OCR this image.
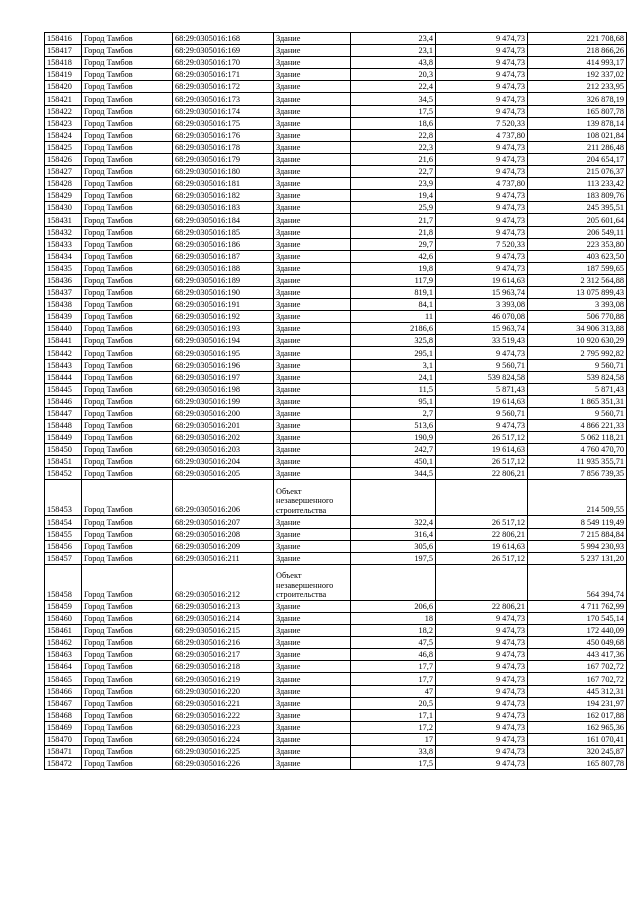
158416	Город Тамбов	68:29:0305016:168	Здание	23,4	9 474,73	221 708,68
158417	Город Тамбов	68:29:0305016:169	Здание	23,1	9 474,73	218 866,26
158418	Город Тамбов	68:29:0305016:170	Здание	43,8	9 474,73	414 993,17
158419	Город Тамбов	68:29:0305016:171	Здание	20,3	9 474,73	192 337,02
158420	Город Тамбов	68:29:0305016:172	Здание	22,4	9 474,73	212 233,95
158421	Город Тамбов	68:29:0305016:173	Здание	34,5	9 474,73	326 878,19
158422	Город Тамбов	68:29:0305016:174	Здание	17,5	9 474,73	165 807,78
158423	Город Тамбов	68:29:0305016:175	Здание	18,6	7 520,33	139 878,14
158424	Город Тамбов	68:29:0305016:176	Здание	22,8	4 737,80	108 021,84
158425	Город Тамбов	68:29:0305016:178	Здание	22,3	9 474,73	211 286,48
158426	Город Тамбов	68:29:0305016:179	Здание	21,6	9 474,73	204 654,17
158427	Город Тамбов	68:29:0305016:180	Здание	22,7	9 474,73	215 076,37
158428	Город Тамбов	68:29:0305016:181	Здание	23,9	4 737,80	113 233,42
158429	Город Тамбов	68:29:0305016:182	Здание	19,4	9 474,73	183 809,76
158430	Город Тамбов	68:29:0305016:183	Здание	25,9	9 474,73	245 395,51
158431	Город Тамбов	68:29:0305016:184	Здание	21,7	9 474,73	205 601,64
158432	Город Тамбов	68:29:0305016:185	Здание	21,8	9 474,73	206 549,11
158433	Город Тамбов	68:29:0305016:186	Здание	29,7	7 520,33	223 353,80
158434	Город Тамбов	68:29:0305016:187	Здание	42,6	9 474,73	403 623,50
158435	Город Тамбов	68:29:0305016:188	Здание	19,8	9 474,73	187 599,65
158436	Город Тамбов	68:29:0305016:189	Здание	117,9	19 614,63	2 312 564,88
158437	Город Тамбов	68:29:0305016:190	Здание	819,1	15 963,74	13 075 899,43
158438	Город Тамбов	68:29:0305016:191	Здание	84,1	3 393,08	3 393,08
158439	Город Тамбов	68:29:0305016:192	Здание	11	46 070,08	506 770,88
158440	Город Тамбов	68:29:0305016:193	Здание	2186,6	15 963,74	34 906 313,88
158441	Город Тамбов	68:29:0305016:194	Здание	325,8	33 519,43	10 920 630,29
158442	Город Тамбов	68:29:0305016:195	Здание	295,1	9 474,73	2 795 992,82
158443	Город Тамбов	68:29:0305016:196	Здание	3,1	9 560,71	9 560,71
158444	Город Тамбов	68:29:0305016:197	Здание	24,1	539 824,58	539 824,58
158445	Город Тамбов	68:29:0305016:198	Здание	11,5	5 871,43	5 871,43
158446	Город Тамбов	68:29:0305016:199	Здание	95,1	19 614,63	1 865 351,31
158447	Город Тамбов	68:29:0305016:200	Здание	2,7	9 560,71	9 560,71
158448	Город Тамбов	68:29:0305016:201	Здание	513,6	9 474,73	4 866 221,33
158449	Город Тамбов	68:29:0305016:202	Здание	190,9	26 517,12	5 062 118,21
158450	Город Тамбов	68:29:0305016:203	Здание	242,7	19 614,63	4 760 470,70
158451	Город Тамбов	68:29:0305016:204	Здание	450,1	26 517,12	11 935 355,71
158452	Город Тамбов	68:29:0305016:205	Здание	344,5	22 806,21	7 856 739,35
158453	Город Тамбов	68:29:0305016:206	Объект незавершенного строительства			214 509,55
158454	Город Тамбов	68:29:0305016:207	Здание	322,4	26 517,12	8 549 119,49
158455	Город Тамбов	68:29:0305016:208	Здание	316,4	22 806,21	7 215 884,84
158456	Город Тамбов	68:29:0305016:209	Здание	305,6	19 614,63	5 994 230,93
158457	Город Тамбов	68:29:0305016:211	Здание	197,5	26 517,12	5 237 131,20
158458	Город Тамбов	68:29:0305016:212	Объект незавершенного строительства			564 394,74
158459	Город Тамбов	68:29:0305016:213	Здание	206,6	22 806,21	4 711 762,99
158460	Город Тамбов	68:29:0305016:214	Здание	18	9 474,73	170 545,14
158461	Город Тамбов	68:29:0305016:215	Здание	18,2	9 474,73	172 440,09
158462	Город Тамбов	68:29:0305016:216	Здание	47,5	9 474,73	450 049,68
158463	Город Тамбов	68:29:0305016:217	Здание	46,8	9 474,73	443 417,36
158464	Город Тамбов	68:29:0305016:218	Здание	17,7	9 474,73	167 702,72
158465	Город Тамбов	68:29:0305016:219	Здание	17,7	9 474,73	167 702,72
158466	Город Тамбов	68:29:0305016:220	Здание	47	9 474,73	445 312,31
158467	Город Тамбов	68:29:0305016:221	Здание	20,5	9 474,73	194 231,97
158468	Город Тамбов	68:29:0305016:222	Здание	17,1	9 474,73	162 017,88
158469	Город Тамбов	68:29:0305016:223	Здание	17,2	9 474,73	162 965,36
158470	Город Тамбов	68:29:0305016:224	Здание	17	9 474,73	161 070,41
158471	Город Тамбов	68:29:0305016:225	Здание	33,8	9 474,73	320 245,87
158472	Город Тамбов	68:29:0305016:226	Здание	17,5	9 474,73	165 807,78
